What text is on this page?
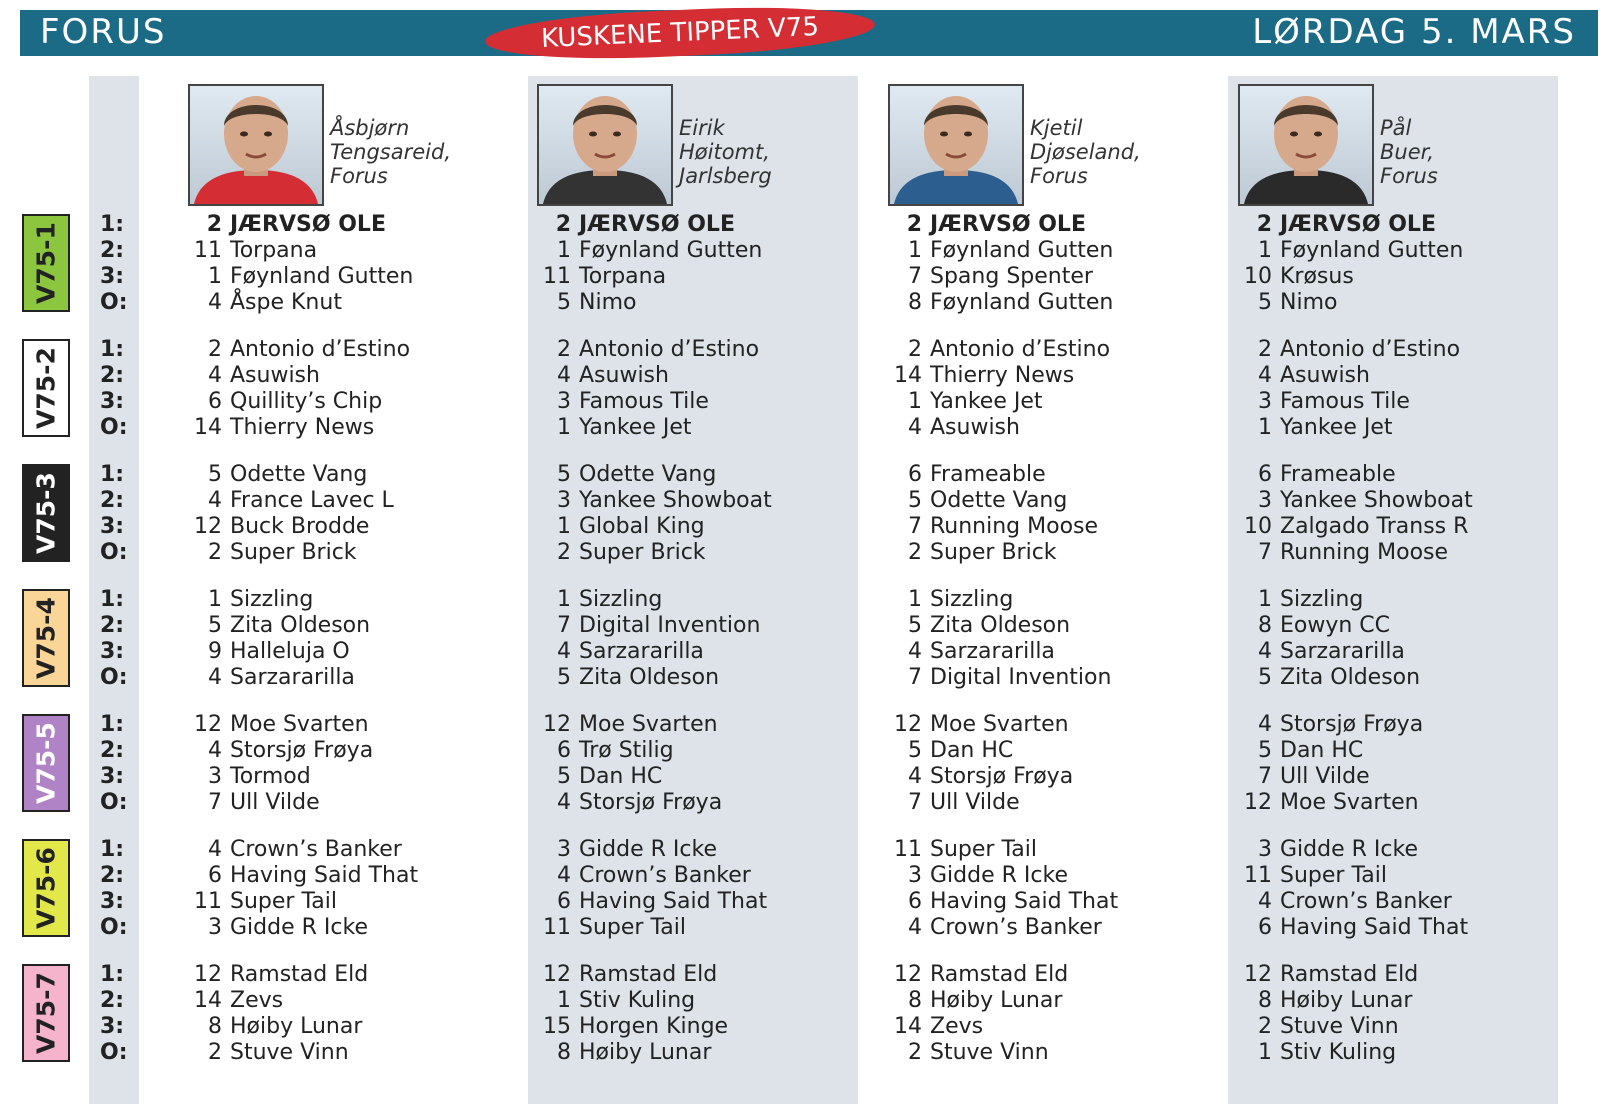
FORUS	LØRDAG 5. MARS
KUSKENE TIPPER V75
V75-1 1:
2:
3:
O:
V75-2 1:
2:
3:
O:
V75-3 1:
2:
3:
O:
V75-4 1:
2:
3:
O:
V75-5 1:
2:
3:
O:
V75-6 1:
2:
3:
O:
V75-7 1:
2:
3:
O:
Åsbjørn
Tengsareid,
Forus
2 JÆRVSØ OLE
11 Torpana
1 Føynland Gutten
4 Åspe Knut
2 Antonio d’Estino
4 Asuwish
6 Quillity’s Chip
14 Thierry News
5 Odette Vang
4 France Lavec L
12 Buck Brodde
2 Super Brick
1 Sizzling
5 Zita Oldeson
9 Halleluja O
4 Sarzararilla
12 Moe Svarten
4 Storsjø Frøya
3 Tormod
7 Ull Vilde
4 Crown’s Banker
6 Having Said That
11 Super Tail
3 Gidde R Icke
12 Ramstad Eld
14 Zevs
8 Høiby Lunar
2 Stuve Vinn
Eirik
Høitomt,
Jarlsberg
2 JÆRVSØ OLE
1 Føynland Gutten
11 Torpana
5 Nimo
2 Antonio d’Estino
4 Asuwish
3 Famous Tile
1 Yankee Jet
5 Odette Vang
3 Yankee Showboat
1 Global King
2 Super Brick
1 Sizzling
7 Digital Invention
4 Sarzararilla
5 Zita Oldeson
12 Moe Svarten
6 Trø Stilig
5 Dan HC
4 Storsjø Frøya
3 Gidde R Icke
4 Crown’s Banker
6 Having Said That
11 Super Tail
12 Ramstad Eld
1 Stiv Kuling
15 Horgen Kinge
8 Høiby Lunar
Kjetil
Djøseland,
Forus
2 JÆRVSØ OLE
1 Føynland Gutten
7 Spang Spenter
8 Føynland Gutten
2 Antonio d’Estino
14 Thierry News
1 Yankee Jet
4 Asuwish
6 Frameable
5 Odette Vang
7 Running Moose
2 Super Brick
1 Sizzling
5 Zita Oldeson
4 Sarzararilla
7 Digital Invention
12 Moe Svarten
5 Dan HC
4 Storsjø Frøya
7 Ull Vilde
11 Super Tail
3 Gidde R Icke
6 Having Said That
4 Crown’s Banker
12 Ramstad Eld
8 Høiby Lunar
14 Zevs
2 Stuve Vinn
Pål
Buer,
Forus
2 JÆRVSØ OLE
1 Føynland Gutten
10 Krøsus
5 Nimo
2 Antonio d’Estino
4 Asuwish
3 Famous Tile
1 Yankee Jet
6 Frameable
3 Yankee Showboat
10 Zalgado Transs R
7 Running Moose
1 Sizzling
8 Eowyn CC
4 Sarzararilla
5 Zita Oldeson
4 Storsjø Frøya
5 Dan HC
7 Ull Vilde
12 Moe Svarten
3 Gidde R Icke
11 Super Tail
4 Crown’s Banker
6 Having Said That
12 Ramstad Eld
8 Høiby Lunar
2 Stuve Vinn
1 Stiv Kuling
